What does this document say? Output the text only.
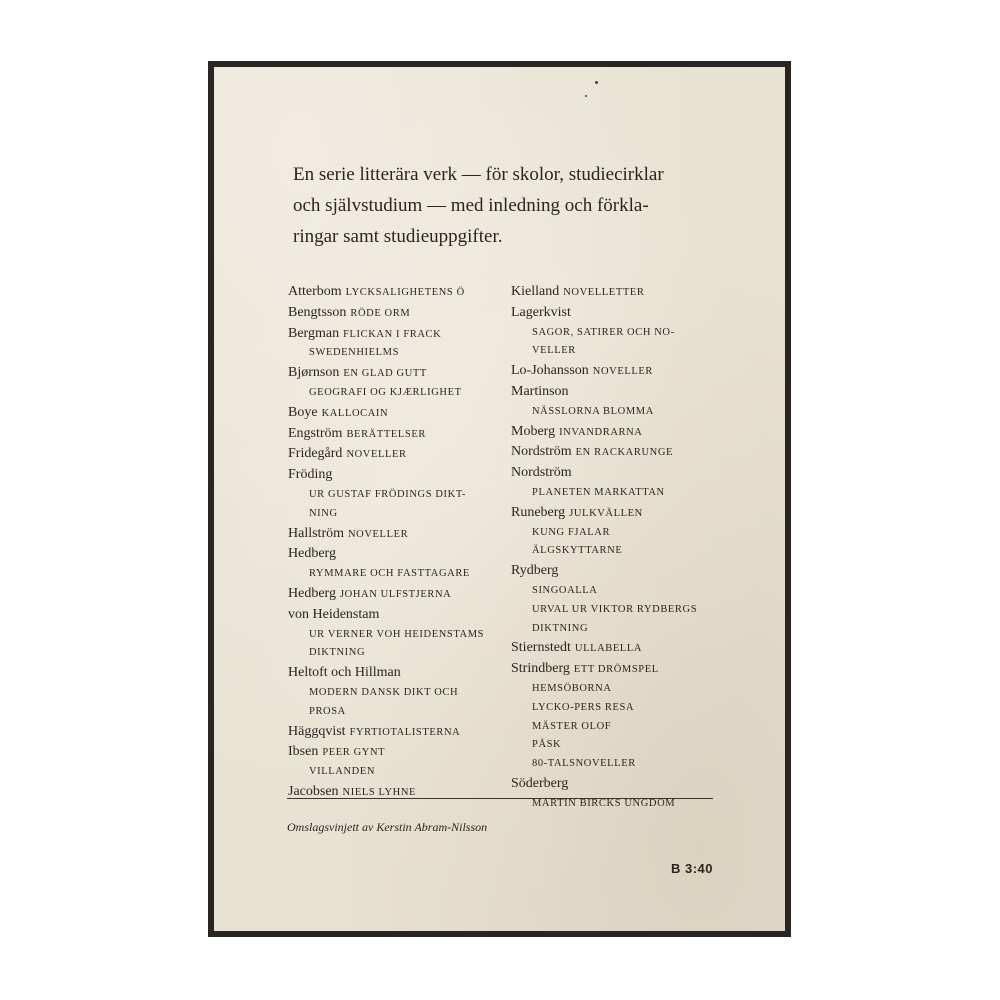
En serie litterära verk — för skolor, studiecirklar
och självstudium — med inledning och förkla-
ringar samt studieuppgifter.

Atterbom LYCKSALIGHETENS Ö
Bengtsson RÖDE ORM
Bergman FLICKAN I FRACK
SWEDENHIELMS
Bjørnson EN GLAD GUTT
GEOGRAFI OG KJÆRLIGHET
Boye KALLOCAIN
Engström BERÄTTELSER
Fridegård NOVELLER
Fröding
UR GUSTAF FRÖDINGS DIKT-
NING
Hallström NOVELLER
Hedberg
RYMMARE OCH FASTTAGARE
Hedberg JOHAN ULFSTJERNA
von Heidenstam
UR VERNER VOH HEIDENSTAMS
DIKTNING
Heltoft och Hillman
MODERN DANSK DIKT OCH
PROSA
Häggqvist FYRTIOTALISTERNA
Ibsen PEER GYNT
VILLANDEN
Jacobsen NIELS LYHNE
Kielland NOVELLETTER
Lagerkvist
SAGOR, SATIRER OCH NO-
VELLER
Lo-Johansson NOVELLER
Martinson
NÄSSLORNA BLOMMA
Moberg INVANDRARNA
Nordström EN RACKARUNGE
Nordström
PLANETEN MARKATTAN
Runeberg JULKVÄLLEN
KUNG FJALAR
ÄLGSKYTTARNE
Rydberg
SINGOALLA
URVAL UR VIKTOR RYDBERGS
DIKTNING
Stiernstedt ULLABELLA
Strindberg ETT DRÖMSPEL
HEMSÖBORNA
LYCKO-PERS RESA
MÄSTER OLOF
PÅSK
80-TALSNOVELLER
Söderberg
MARTIN BIRCKS UNGDOM

Omslagsvinjett av Kerstin Abram-Nilsson

B 3:40
